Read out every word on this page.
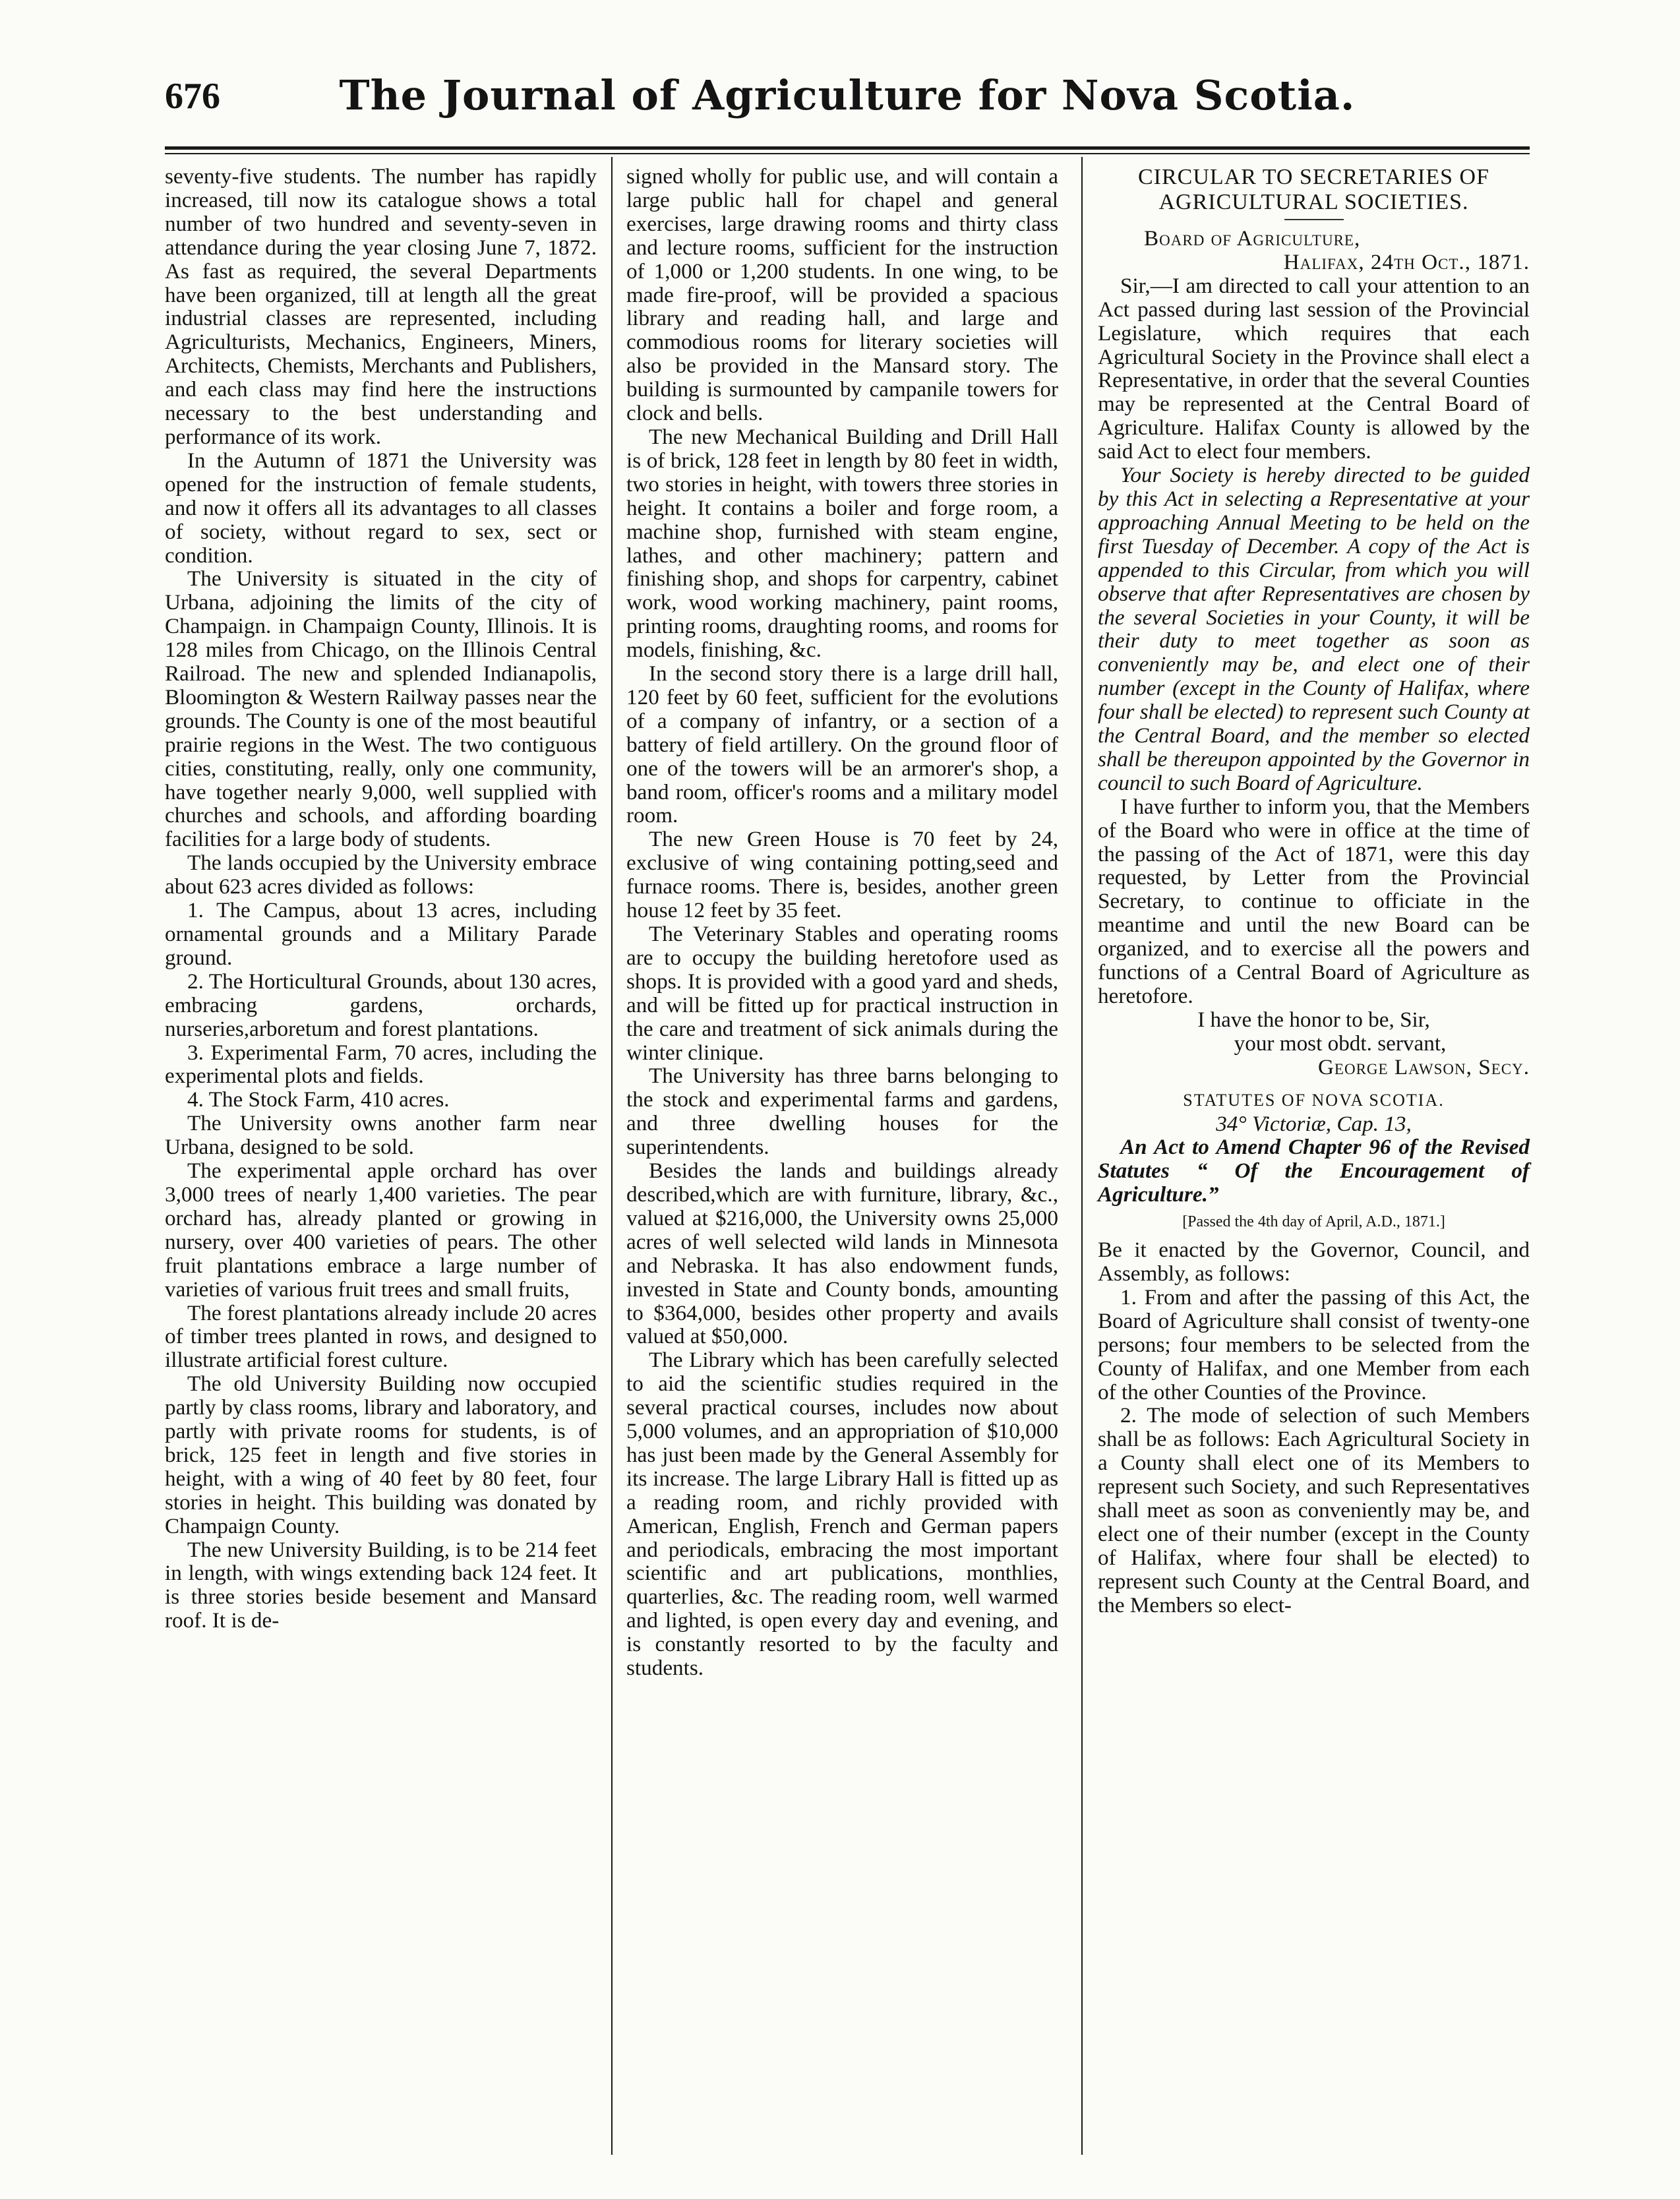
676	The Journal of Agriculture for Nova Scotia.

seventy-five students. The number has rapidly increased, till now its catalogue shows a total number of two hundred and seventy-seven in attendance during the year closing June 7, 1872. As fast as required, the several Departments have been organized, till at length all the great industrial classes are represented, including Agriculturists, Mechanics, Engineers, Miners, Architects, Chemists, Merchants and Publishers, and each class may find here the instructions necessary to the best understanding and performance of its work.

In the Autumn of 1871 the University was opened for the instruction of female students, and now it offers all its advantages to all classes of society, without regard to sex, sect or condition.

The University is situated in the city of Urbana, adjoining the limits of the city of Champaign. in Champaign County, Illinois. It is 128 miles from Chicago, on the Illinois Central Railroad. The new and splended Indianapolis, Bloomington & Western Railway passes near the grounds. The County is one of the most beautiful prairie regions in the West. The two contiguous cities, constituting, really, only one community, have together nearly 9,000, well supplied with churches and schools, and affording boarding facilities for a large body of students.

The lands occupied by the University embrace about 623 acres divided as follows:

1. The Campus, about 13 acres, including ornamental grounds and a Military Parade ground.

2. The Horticultural Grounds, about 130 acres, embracing gardens, orchards, nurseries,arboretum and forest plantations.

3. Experimental Farm, 70 acres, including the experimental plots and fields.

4. The Stock Farm, 410 acres.

The University owns another farm near Urbana, designed to be sold.

The experimental apple orchard has over 3,000 trees of nearly 1,400 varieties. The pear orchard has, already planted or growing in nursery, over 400 varieties of pears. The other fruit plantations embrace a large number of varieties of various fruit trees and small fruits,

The forest plantations already include 20 acres of timber trees planted in rows, and designed to illustrate artificial forest culture.

The old University Building now occupied partly by class rooms, library and laboratory, and partly with private rooms for students, is of brick, 125 feet in length and five stories in height, with a wing of 40 feet by 80 feet, four stories in height. This building was donated by Champaign County.

The new University Building, is to be 214 feet in length, with wings extending back 124 feet. It is three stories beside besement and Mansard roof. It is de-

signed wholly for public use, and will contain a large public hall for chapel and general exercises, large drawing rooms and thirty class and lecture rooms, sufficient for the instruction of 1,000 or 1,200 students. In one wing, to be made fire-proof, will be provided a spacious library and reading hall, and large and commodious rooms for literary societies will also be provided in the Mansard story. The building is surmounted by campanile towers for clock and bells.

The new Mechanical Building and Drill Hall is of brick, 128 feet in length by 80 feet in width, two stories in height, with towers three stories in height. It contains a boiler and forge room, a machine shop, furnished with steam engine, lathes, and other machinery; pattern and finishing shop, and shops for carpentry, cabinet work, wood working machinery, paint rooms, printing rooms, draughting rooms, and rooms for models, finishing, &c.

In the second story there is a large drill hall, 120 feet by 60 feet, sufficient for the evolutions of a company of infantry, or a section of a battery of field artillery. On the ground floor of one of the towers will be an armorer's shop, a band room, officer's rooms and a military model room.

The new Green House is 70 feet by 24, exclusive of wing containing potting,seed and furnace rooms. There is, besides, another green house 12 feet by 35 feet.

The Veterinary Stables and operating rooms are to occupy the building heretofore used as shops. It is provided with a good yard and sheds, and will be fitted up for practical instruction in the care and treatment of sick animals during the winter clinique.

The University has three barns belonging to the stock and experimental farms and gardens, and three dwelling houses for the superintendents.

Besides the lands and buildings already described,which are with furniture, library, &c., valued at $216,000, the University owns 25,000 acres of well selected wild lands in Minnesota and Nebraska. It has also endowment funds, invested in State and County bonds, amounting to $364,000, besides other property and avails valued at $50,000.

The Library which has been carefully selected to aid the scientific studies required in the several practical courses, includes now about 5,000 volumes, and an appropriation of $10,000 has just been made by the General Assembly for its increase. The large Library Hall is fitted up as a reading room, and richly provided with American, English, French and German papers and periodicals, embracing the most important scientific and art publications, monthlies, quarterlies, &c. The reading room, well warmed and lighted, is open every day and evening, and is constantly resorted to by the faculty and students.

CIRCULAR TO SECRETARIES OF AGRICULTURAL SOCIETIES.

Board of Agriculture,

Halifax, 24th Oct., 1871.

Sir,—I am directed to call your attention to an Act passed during last session of the Provincial Legislature, which requires that each Agricultural Society in the Province shall elect a Representative, in order that the several Counties may be represented at the Central Board of Agriculture. Halifax County is allowed by the said Act to elect four members.

Your Society is hereby directed to be guided by this Act in selecting a Representative at your approaching Annual Meeting to be held on the first Tuesday of December. A copy of the Act is appended to this Circular, from which you will observe that after Representatives are chosen by the several Societies in your County, it will be their duty to meet together as soon as conveniently may be, and elect one of their number (except in the County of Halifax, where four shall be elected) to represent such County at the Central Board, and the member so elected shall be thereupon appointed by the Governor in council to such Board of Agriculture.

I have further to inform you, that the Members of the Board who were in office at the time of the passing of the Act of 1871, were this day requested, by Letter from the Provincial Secretary, to continue to officiate in the meantime and until the new Board can be organized, and to exercise all the powers and functions of a Central Board of Agriculture as heretofore.

I have the honor to be, Sir,

your most obdt. servant,

George Lawson, Secy.

STATUTES OF NOVA SCOTIA.

34° Victoriæ, Cap. 13,

An Act to Amend Chapter 96 of the Revised Statutes “ Of the Encouragement of Agriculture.”

[Passed the 4th day of April, A.D., 1871.]

Be it enacted by the Governor, Council, and Assembly, as follows:

1. From and after the passing of this Act, the Board of Agriculture shall consist of twenty-one persons; four members to be selected from the County of Halifax, and one Member from each of the other Counties of the Province.

2. The mode of selection of such Members shall be as follows: Each Agricultural Society in a County shall elect one of its Members to represent such Society, and such Representatives shall meet as soon as conveniently may be, and elect one of their number (except in the County of Halifax, where four shall be elected) to represent such County at the Central Board, and the Members so elect-
